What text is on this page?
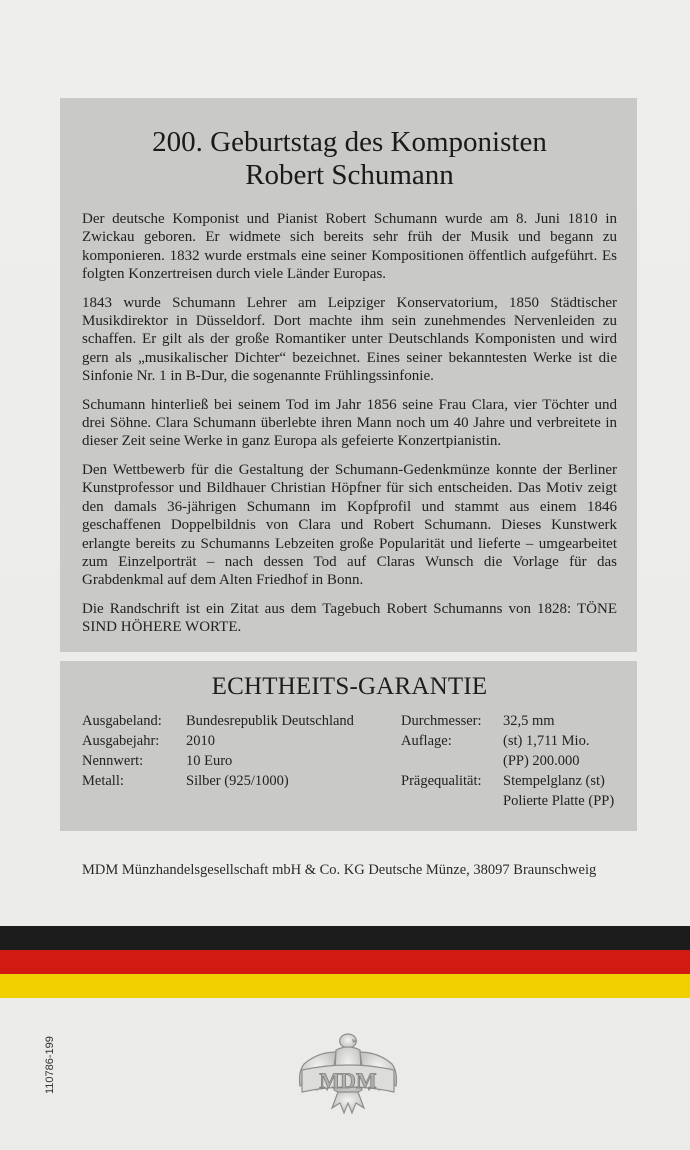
200. Geburtstag des Komponisten
Robert Schumann

Der deutsche Komponist und Pianist Robert Schumann wurde am 8. Juni 1810 in Zwickau geboren. Er widmete sich bereits sehr früh der Musik und begann zu komponieren. 1832 wurde erstmals eine seiner Kompositionen öffentlich aufgeführt. Es folgten Konzertreisen durch viele Länder Europas.

1843 wurde Schumann Lehrer am Leipziger Konservatorium, 1850 Städtischer Musikdirektor in Düsseldorf. Dort machte ihm sein zunehmendes Nervenleiden zu schaffen. Er gilt als der große Romantiker unter Deutschlands Komponisten und wird gern als „musikalischer Dichter“ bezeichnet. Eines seiner bekanntesten Werke ist die Sinfonie Nr. 1 in B-Dur, die sogenannte Frühlingssinfonie.

Schumann hinterließ bei seinem Tod im Jahr 1856 seine Frau Clara, vier Töchter und drei Söhne. Clara Schumann überlebte ihren Mann noch um 40 Jahre und verbreitete in dieser Zeit seine Werke in ganz Europa als gefeierte Konzertpianistin.

Den Wettbewerb für die Gestaltung der Schumann-Gedenkmünze konnte der Berliner Kunstprofessor und Bildhauer Christian Höpfner für sich entscheiden. Das Motiv zeigt den damals 36-jährigen Schumann im Kopfprofil und stammt aus einem 1846 geschaffenen Doppelbildnis von Clara und Robert Schumann. Dieses Kunstwerk erlangte bereits zu Schumanns Lebzeiten große Popularität und lieferte – umgearbeitet zum Einzelporträt – nach dessen Tod auf Claras Wunsch die Vorlage für das Grabdenkmal auf dem Alten Friedhof in Bonn.

Die Randschrift ist ein Zitat aus dem Tagebuch Robert Schumanns von 1828: TÖNE SIND HÖHERE WORTE.

ECHTHEITS-GARANTIE
Ausgabeland:
Ausgabejahr:
Nennwert:
Metall:
Bundesrepublik Deutschland
2010
10 Euro
Silber (925/1000)
Durchmesser:
Auflage:

Prägequalität:

32,5 mm
(st) 1,711 Mio.
(PP) 200.000
Stempelglanz (st)
Polierte Platte (PP)
MDM Münzhandelsgesellschaft mbH & Co. KG Deutsche Münze, 38097 Braunschweig
110786-199	MDM
